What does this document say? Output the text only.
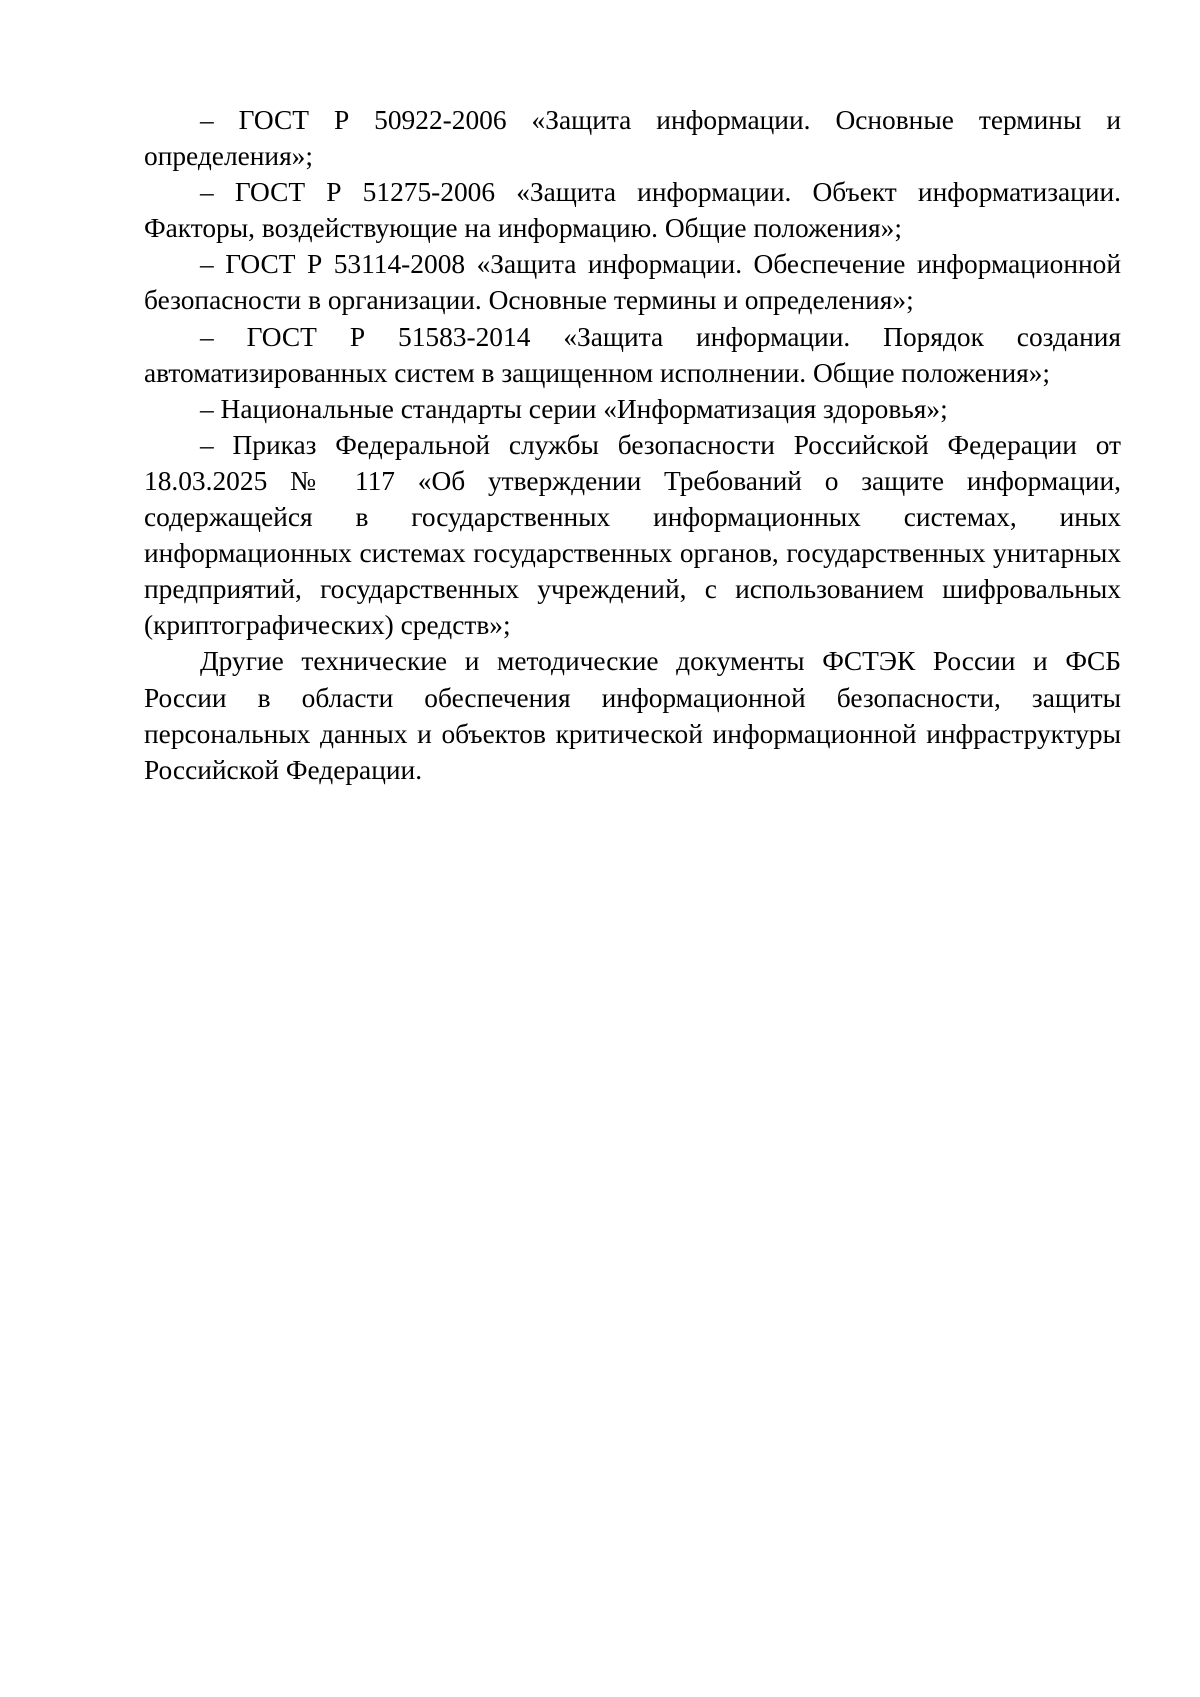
– ГОСТ Р 50922-2006 «Защита информации. Основные термины и определения»;

– ГОСТ Р 51275-2006 «Защита информации. Объект информатизации. Факторы, воздействующие на информацию. Общие положения»;

– ГОСТ Р 53114-2008 «Защита информации. Обеспечение информационной безопасности в организации. Основные термины и определения»;

– ГОСТ Р 51583-2014 «Защита информации. Порядок создания автоматизированных систем в защищенном исполнении. Общие положения»;

– Национальные стандарты серии «Информатизация здоровья»;

– Приказ Федеральной службы безопасности Российской Федерации от 18.03.2025 № 117 «Об утверждении Требований о защите информации, содержащейся в государственных информационных системах, иных информационных системах государственных органов, государственных унитарных предприятий, государственных учреждений, с использованием шифровальных (криптографических) средств»;

Другие технические и методические документы ФСТЭК России и ФСБ России в области обеспечения информационной безопасности, защиты персональных данных и объектов критической информационной инфраструктуры Российской Федерации.
